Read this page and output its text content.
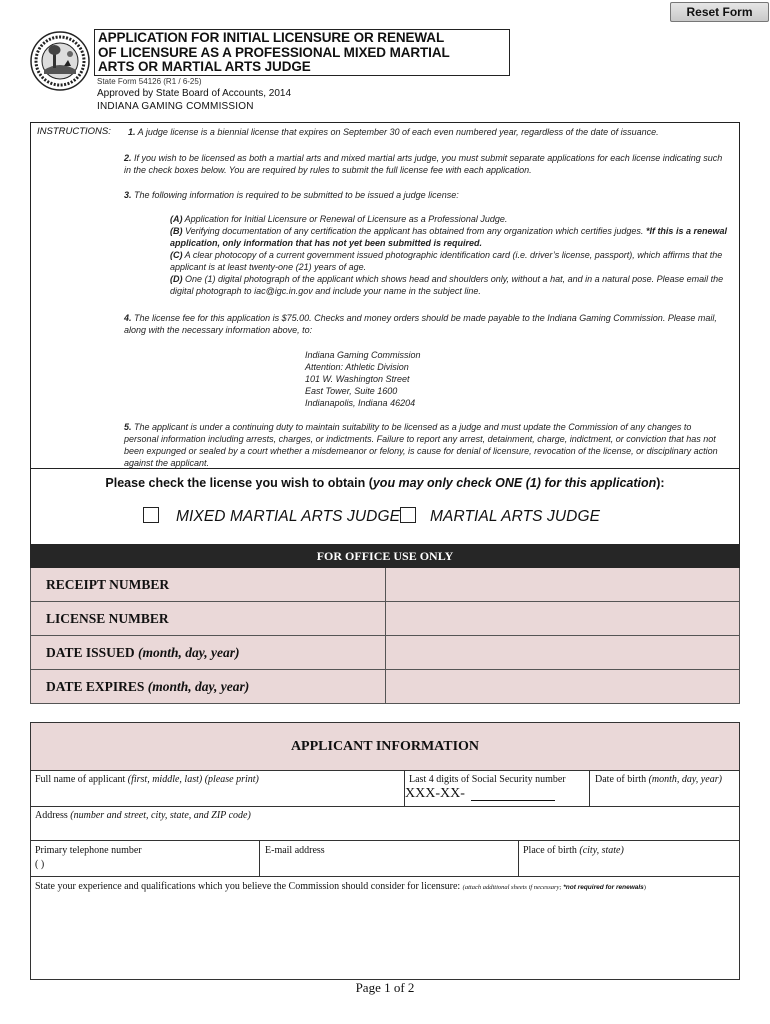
Reset Form
APPLICATION FOR INITIAL LICENSURE OR RENEWAL
OF LICENSURE AS A PROFESSIONAL MIXED MARTIAL
ARTS OR MARTIAL ARTS JUDGE
State Form 54126 (R1 / 6-25)
Approved by State Board of Accounts, 2014
INDIANA GAMING COMMISSION
INSTRUCTIONS: 1. A judge license is a biennial license that expires on September 30 of each even numbered year, regardless of the date of issuance.
2. If you wish to be licensed as both a martial arts and mixed martial arts judge, you must submit separate applications for each license indicating such in the check boxes below. You are required by rules to submit the full license fee with each application.
3. The following information is required to be submitted to be issued a judge license:
(A) Application for Initial Licensure or Renewal of Licensure as a Professional Judge.
(B) Verifying documentation of any certification the applicant has obtained from any organization which certifies judges. *If this is a renewal application, only information that has not yet been submitted is required.
(C) A clear photocopy of a current government issued photographic identification card (i.e. driver’s license, passport), which affirms that the applicant is at least twenty-one (21) years of age.
(D) One (1) digital photograph of the applicant which shows head and shoulders only, without a hat, and in a natural pose. Please email the digital photograph to iac@igc.in.gov and include your name in the subject line.
4. The license fee for this application is $75.00. Checks and money orders should be made payable to the Indiana Gaming Commission. Please mail, along with the necessary information above, to:
Indiana Gaming Commission
Attention: Athletic Division
101 W. Washington Street
East Tower, Suite 1600
Indianapolis, Indiana 46204
5. The applicant is under a continuing duty to maintain suitability to be licensed as a judge and must update the Commission of any changes to personal information including arrests, charges, or indictments. Failure to report any arrest, detainment, charge, indictment, or conviction that has not been expunged or sealed by a court whether a misdemeanor or felony, is cause for denial of licensure, revocation of the license, or disciplinary action against the applicant.
Please check the license you wish to obtain (you may only check ONE (1) for this application):
MIXED MARTIAL ARTS JUDGE MARTIAL ARTS JUDGE
FOR OFFICE USE ONLY
RECEIPT NUMBER
LICENSE NUMBER
DATE ISSUED (month, day, year)
DATE EXPIRES (month, day, year)
APPLICANT INFORMATION
Full name of applicant (first, middle, last) (please print)	Last 4 digits of Social Security number
XXX-XX-
Date of birth (month, day, year)
Address (number and street, city, state, and ZIP code)
Primary telephone number
( )
E-mail address	Place of birth (city, state)
State your experience and qualifications which you believe the Commission should consider for licensure: (attach additional sheets if necessary; *not required for renewals)
Page 1 of 2
